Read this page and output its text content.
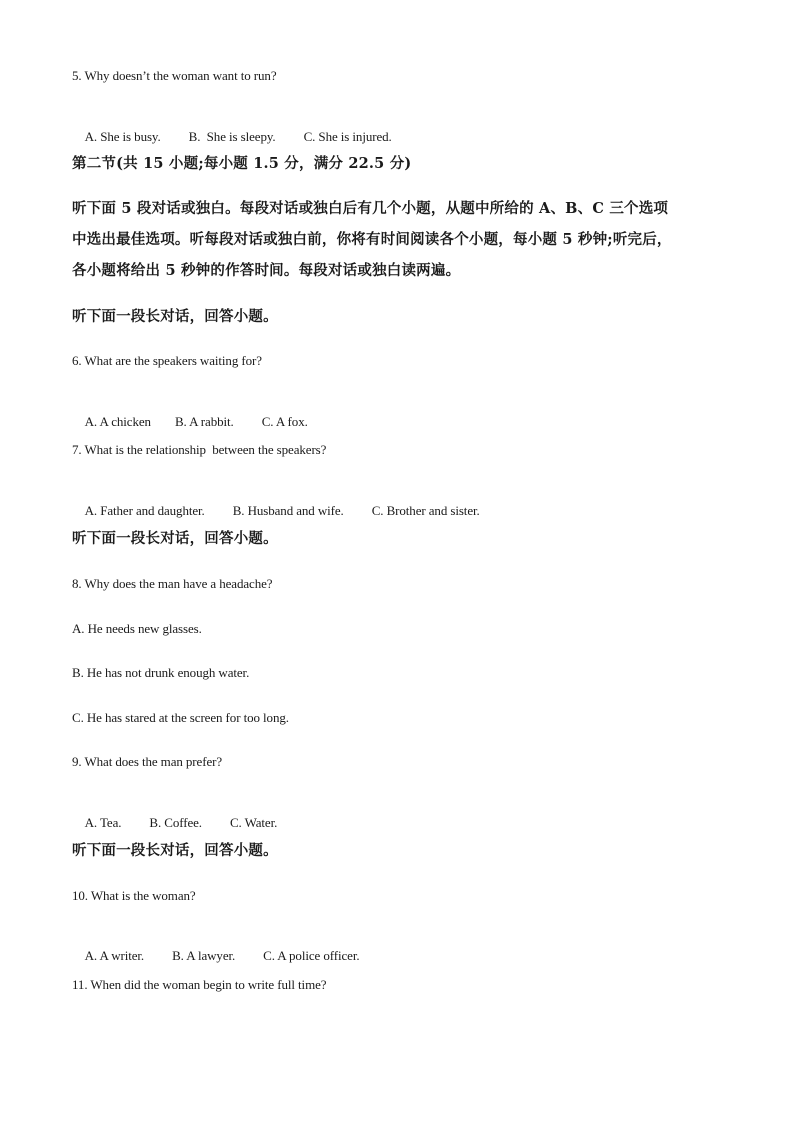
5. Why doesn’t the woman want to run?

A. She is busy. B.  She is sleepy. C. She is injured.

第二节(共 15 小题;每小题 1.5 分，满分 22.5 分)
听下面 5 段对话或独白。每段对话或独白后有几个小题，从题中所给的 A、B、C 三个选项
中选出最佳选项。听每段对话或独白前，你将有时间阅读各个小题，每小题 5 秒钟;听完后，
各小题将给出 5 秒钟的作答时间。每段对话或独白读两遍。
听下面一段长对话，回答小题。
6. What are the speakers waiting for?

A. A chicken B. A rabbit. C. A fox.

7. What is the relationship  between the speakers?

A. Father and daughter. B. Husband and wife. C. Brother and sister.

听下面一段长对话，回答小题。
8. Why does the man have a headache?
A. He needs new glasses.
B. He has not drunk enough water.
C. He has stared at the screen for too long.
9. What does the man prefer?

A. Tea. B. Coffee. C. Water.

听下面一段长对话，回答小题。
10. What is the woman?

A. A writer. B. A lawyer. C. A police officer.

11. When did the woman begin to write full time?
